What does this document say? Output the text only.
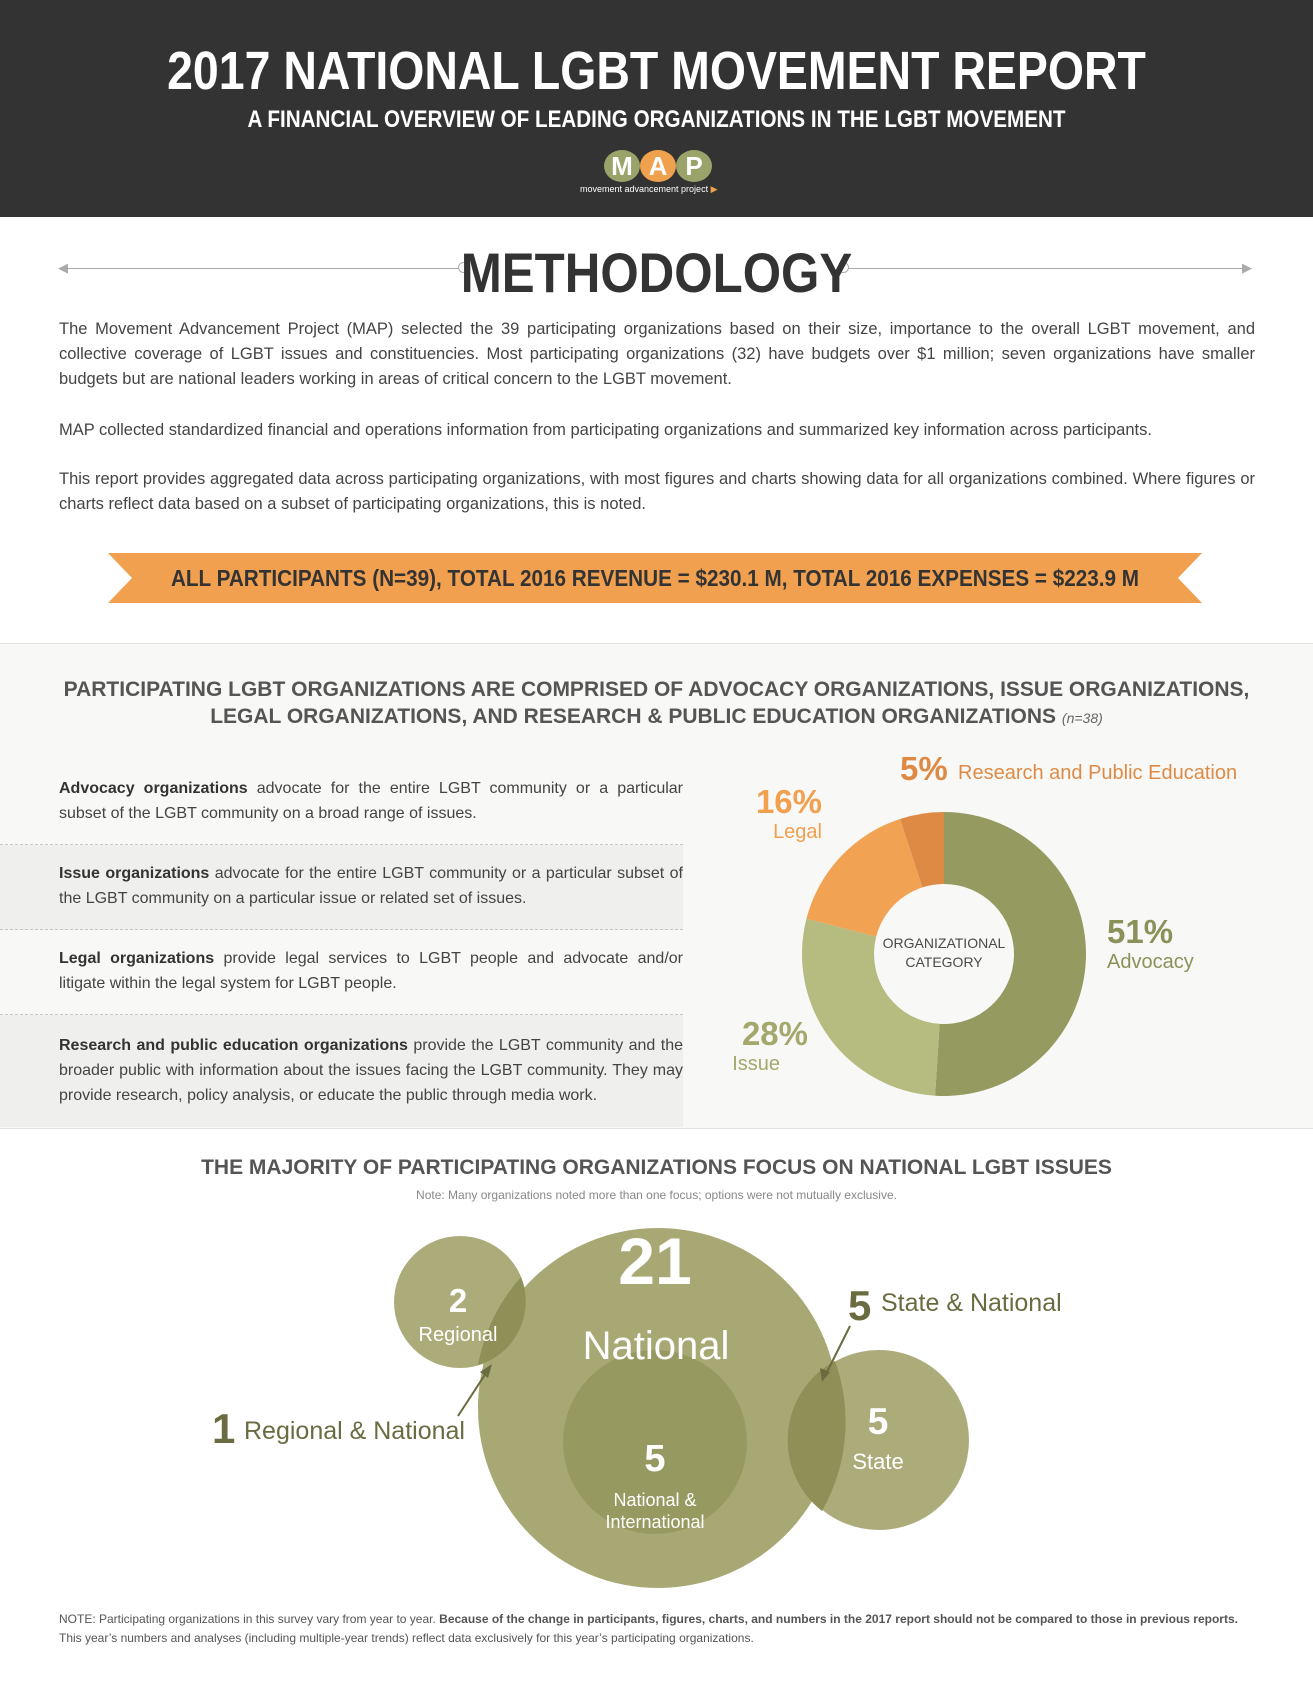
2017 NATIONAL LGBT MOVEMENT REPORT
A FINANCIAL OVERVIEW OF LEADING ORGANIZATIONS IN THE LGBT MOVEMENT
M A P
movement advancement project ▶
◀	▶
METHODOLOGY
The Movement Advancement Project (MAP) selected the 39 participating organizations based on their size, importance to the overall LGBT movement, and collective coverage of LGBT issues and constituencies. Most participating organizations (32) have budgets over $1 million; seven organizations have smaller budgets but are national leaders working in areas of critical concern to the LGBT movement.
MAP collected standardized financial and operations information from participating organizations and summarized key information across participants.
This report provides aggregated data across participating organizations, with most figures and charts showing data for all organizations combined. Where figures or charts reflect data based on a subset of participating organizations, this is noted.
ALL PARTICIPANTS (N=39), TOTAL 2016 REVENUE = $230.1 M, TOTAL 2016 EXPENSES = $223.9 M
PARTICIPATING LGBT ORGANIZATIONS ARE COMPRISED OF ADVOCACY ORGANIZATIONS, ISSUE ORGANIZATIONS, LEGAL ORGANIZATIONS, AND RESEARCH & PUBLIC EDUCATION ORGANIZATIONS (n=38)
Advocacy organizations advocate for the entire LGBT community or a particular subset of the LGBT community on a broad range of issues.
Issue organizations advocate for the entire LGBT community or a particular subset of the LGBT community on a particular issue or related set of issues.
Legal organizations provide legal services to LGBT people and advocate and/or litigate within the legal system for LGBT people.
Research and public education organizations provide the LGBT community and the broader public with information about the issues facing the LGBT community. They may provide research, policy analysis, or educate the public through media work.
ORGANIZATIONAL
CATEGORY
51%
Advocacy
28%
Issue
16%
Legal
5% Research and Public Education
THE MAJORITY OF PARTICIPATING ORGANIZATIONS FOCUS ON NATIONAL LGBT ISSUES
Note: Many organizations noted more than one focus; options were not mutually exclusive.
21
National
2
Regional
5
State
5
National &
International
1 Regional & National
5 State & National
NOTE: Participating organizations in this survey vary from year to year. Because of the change in participants, figures, charts, and numbers in the 2017 report should not be compared to those in previous reports. This year’s numbers and analyses (including multiple-year trends) reflect data exclusively for this year’s participating organizations.
